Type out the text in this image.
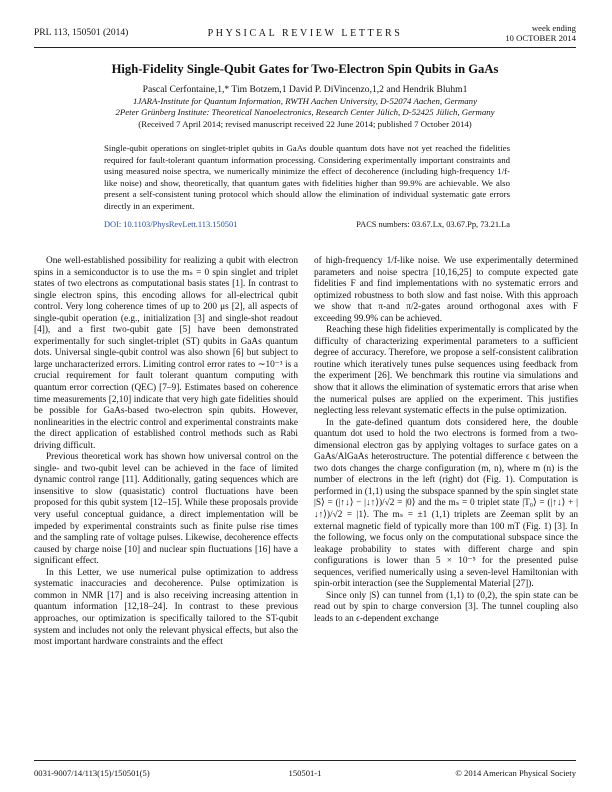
PRL 113, 150501 (2014)	PHYSICAL REVIEW LETTERS	week ending
10 OCTOBER 2014
High-Fidelity Single-Qubit Gates for Two-Electron Spin Qubits in GaAs
Pascal Cerfontaine,1,* Tim Botzem,1 David P. DiVincenzo,1,2 and Hendrik Bluhm1
1JARA-Institute for Quantum Information, RWTH Aachen University, D-52074 Aachen, Germany
2Peter Grünberg Institute: Theoretical Nanoelectronics, Research Center Jülich, D-52425 Jülich, Germany
(Received 7 April 2014; revised manuscript received 22 June 2014; published 7 October 2014)
Single-qubit operations on singlet-triplet qubits in GaAs double quantum dots have not yet reached the fidelities required for fault-tolerant quantum information processing. Considering experimentally important constraints and using measured noise spectra, we numerically minimize the effect of decoherence (including high-frequency 1/f-like noise) and show, theoretically, that quantum gates with fidelities higher than 99.9% are achievable. We also present a self-consistent tuning protocol which should allow the elimination of individual systematic gate errors directly in an experiment.
DOI: 10.1103/PhysRevLett.113.150501	PACS numbers: 03.67.Lx, 03.67.Pp, 73.21.La

One well-established possibility for realizing a qubit with electron spins in a semiconductor is to use the mₛ = 0 spin singlet and triplet states of two electrons as computational basis states [1]. In contrast to single electron spins, this encoding allows for all-electrical qubit control. Very long coherence times of up to 200 μs [2], all aspects of single-qubit operation (e.g., initialization [3] and single-shot readout [4]), and a first two-qubit gate [5] have been demonstrated experimentally for such singlet-triplet (ST) qubits in GaAs quantum dots. Universal single-qubit control was also shown [6] but subject to large uncharacterized errors. Limiting control error rates to ∼10⁻³ is a crucial requirement for fault tolerant quantum computing with quantum error correction (QEC) [7–9]. Estimates based on coherence time measurements [2,10] indicate that very high gate fidelities should be possible for GaAs-based two-electron spin qubits. However, nonlinearities in the electric control and experimental constraints make the direct application of established control methods such as Rabi driving difficult.

Previous theoretical work has shown how universal control on the single- and two-qubit level can be achieved in the face of limited dynamic control range [11]. Additionally, gating sequences which are insensitive to slow (quasistatic) control fluctuations have been proposed for this qubit system [12–15]. While these proposals provide very useful conceptual guidance, a direct implementation will be impeded by experimental constraints such as finite pulse rise times and the sampling rate of voltage pulses. Likewise, decoherence effects caused by charge noise [10] and nuclear spin fluctuations [16] have a significant effect.

In this Letter, we use numerical pulse optimization to address systematic inaccuracies and decoherence. Pulse optimization is common in NMR [17] and is also receiving increasing attention in quantum information [12,18–24]. In contrast to these previous approaches, our optimization is specifically tailored to the ST-qubit system and includes not only the relevant physical effects, but also the most important hardware constraints and the effect

of high-frequency 1/f-like noise. We use experimentally determined parameters and noise spectra [10,16,25] to compute expected gate fidelities F and find implementations with no systematic errors and optimized robustness to both slow and fast noise. With this approach we show that π-and π/2-gates around orthogonal axes with F exceeding 99.9% can be achieved.

Reaching these high fidelities experimentally is complicated by the difficulty of characterizing experimental parameters to a sufficient degree of accuracy. Therefore, we propose a self-consistent calibration routine which iteratively tunes pulse sequences using feedback from the experiment [26]. We benchmark this routine via simulations and show that it allows the elimination of systematic errors that arise when the numerical pulses are applied on the experiment. This justifies neglecting less relevant systematic effects in the pulse optimization.

In the gate-defined quantum dots considered here, the double quantum dot used to hold the two electrons is formed from a two-dimensional electron gas by applying voltages to surface gates on a GaAs/AlGaAs heterostructure. The potential difference ϵ between the two dots changes the charge configuration (m, n), where m (n) is the number of electrons in the left (right) dot (Fig. 1). Computation is performed in (1,1) using the subspace spanned by the spin singlet state |S⟩ = (|↑↓⟩ − |↓↑⟩)/√2 = |0⟩ and the mₛ = 0 triplet state |T₀⟩ = (|↑↓⟩ + |↓↑⟩)/√2 = |1⟩. The mₛ = ±1 (1,1) triplets are Zeeman split by an external magnetic field of typically more than 100 mT (Fig. 1) [3]. In the following, we focus only on the computational subspace since the leakage probability to states with different charge and spin configurations is lower than 5 × 10⁻⁵ for the presented pulse sequences, verified numerically using a seven-level Hamiltonian with spin-orbit interaction (see the Supplemental Material [27]).

Since only |S⟩ can tunnel from (1,1) to (0,2), the spin state can be read out by spin to charge conversion [3]. The tunnel coupling also leads to an ϵ-dependent exchange

0031-9007/14/113(15)/150501(5)	150501-1	© 2014 American Physical Society
